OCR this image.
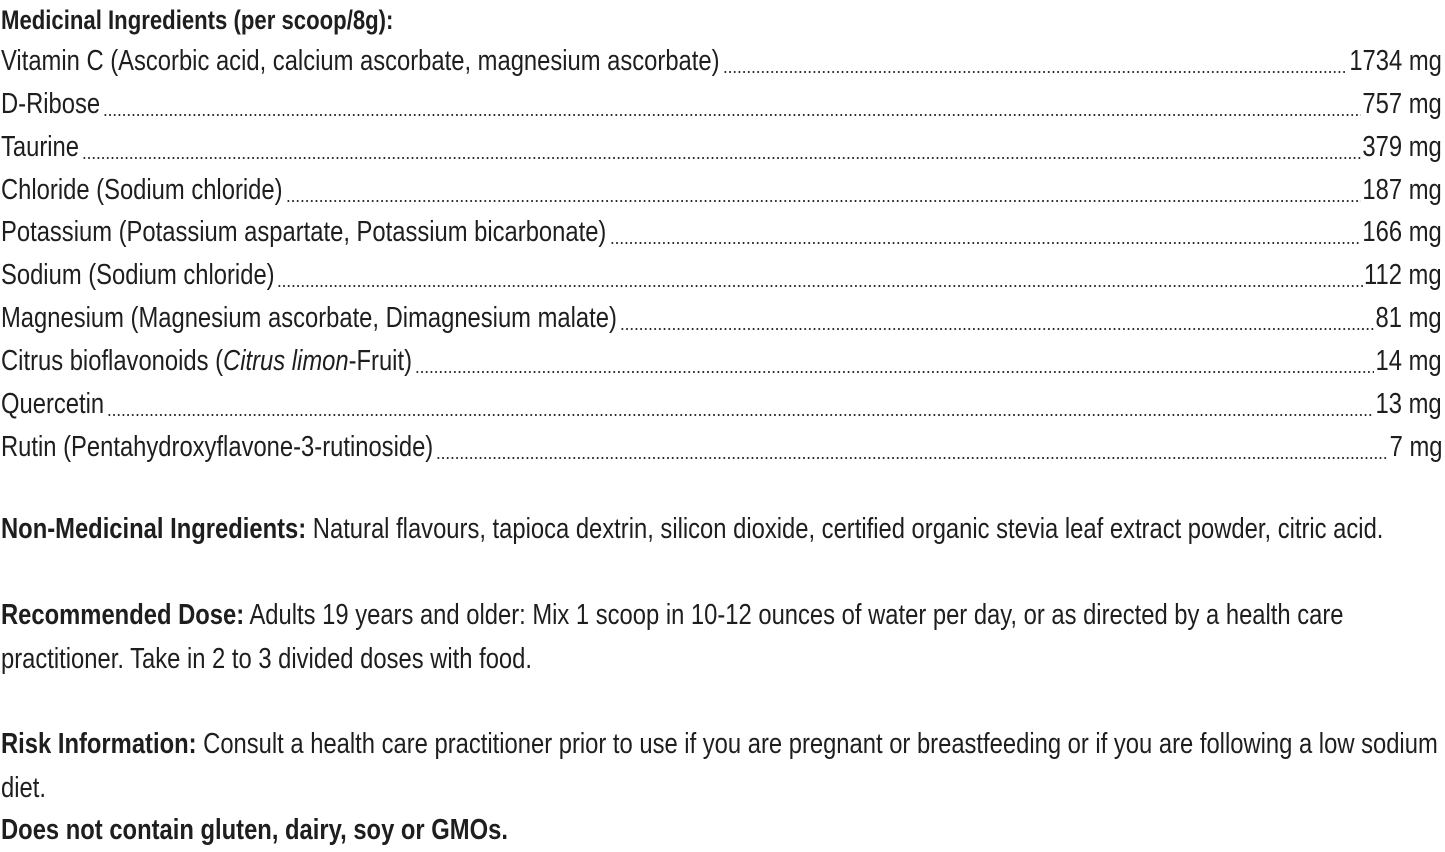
Medicinal Ingredients (per scoop/8g):
Vitamin C (Ascorbic acid, calcium ascorbate, magnesium ascorbate)	1734 mg
D-Ribose	757 mg
Taurine	379 mg
Chloride (Sodium chloride)	187 mg
Potassium (Potassium aspartate, Potassium bicarbonate)	166 mg
Sodium (Sodium chloride)	112 mg
Magnesium (Magnesium ascorbate, Dimagnesium malate)	81 mg
Citrus bioflavonoids (Citrus limon-Fruit)	14 mg
Quercetin	13 mg
Rutin (Pentahydroxyflavone-3-rutinoside)	7 mg
Non-Medicinal Ingredients: Natural flavours, tapioca dextrin, silicon dioxide, certified organic stevia leaf extract powder, citric acid.
Recommended Dose: Adults 19 years and older: Mix 1 scoop in 10-12 ounces of water per day, or as directed by a health care practitioner. Take in 2 to 3 divided doses with food.
Risk Information: Consult a health care practitioner prior to use if you are pregnant or breastfeeding or if you are following a low sodium diet.
Does not contain gluten, dairy, soy or GMOs.
